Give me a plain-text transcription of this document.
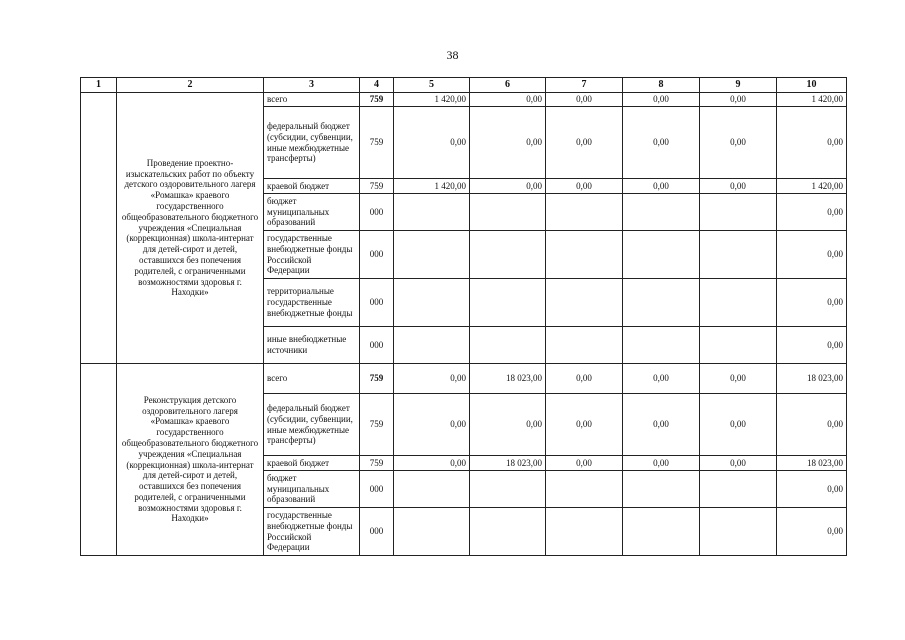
38
1	2	3	4	5	6	7	8	9	10
	Проведение проектно-изыскательских работ по объекту детского оздоровительного лагеря «Ромашка» краевого государственного общеобразовательного бюджетного учреждения «Специальная (коррекционная) школа-интернат для детей-сирот и детей, оставшихся без попечения родителей, с ограниченными возможностями здоровья г. Находки»	всего	759	1 420,00	0,00	0,00	0,00	0,00	1 420,00
		федеральный бюджет (субсидии, субвенции, иные межбюджетные трансферты)	759	0,00	0,00	0,00	0,00	0,00	0,00
		краевой бюджет	759	1 420,00	0,00	0,00	0,00	0,00	1 420,00
		бюджет муниципальных образований	000						0,00
		государственные внебюджетные фонды Российской Федерации	000						0,00
		территориальные государственные внебюджетные фонды	000						0,00
		иные внебюджетные источники	000						0,00
	Реконструкция детского оздоровительного лагеря «Ромашка» краевого государственного общеобразовательного бюджетного учреждения «Специальная (коррекционная) школа-интернат для детей-сирот и детей, оставшихся без попечения родителей, с ограниченными возможностями здоровья г. Находки»	всего	759	0,00	18 023,00	0,00	0,00	0,00	18 023,00
		федеральный бюджет (субсидии, субвенции, иные межбюджетные трансферты)	759	0,00	0,00	0,00	0,00	0,00	0,00
		краевой бюджет	759	0,00	18 023,00	0,00	0,00	0,00	18 023,00
		бюджет муниципальных образований	000						0,00
		государственные внебюджетные фонды Российской Федерации	000						0,00
